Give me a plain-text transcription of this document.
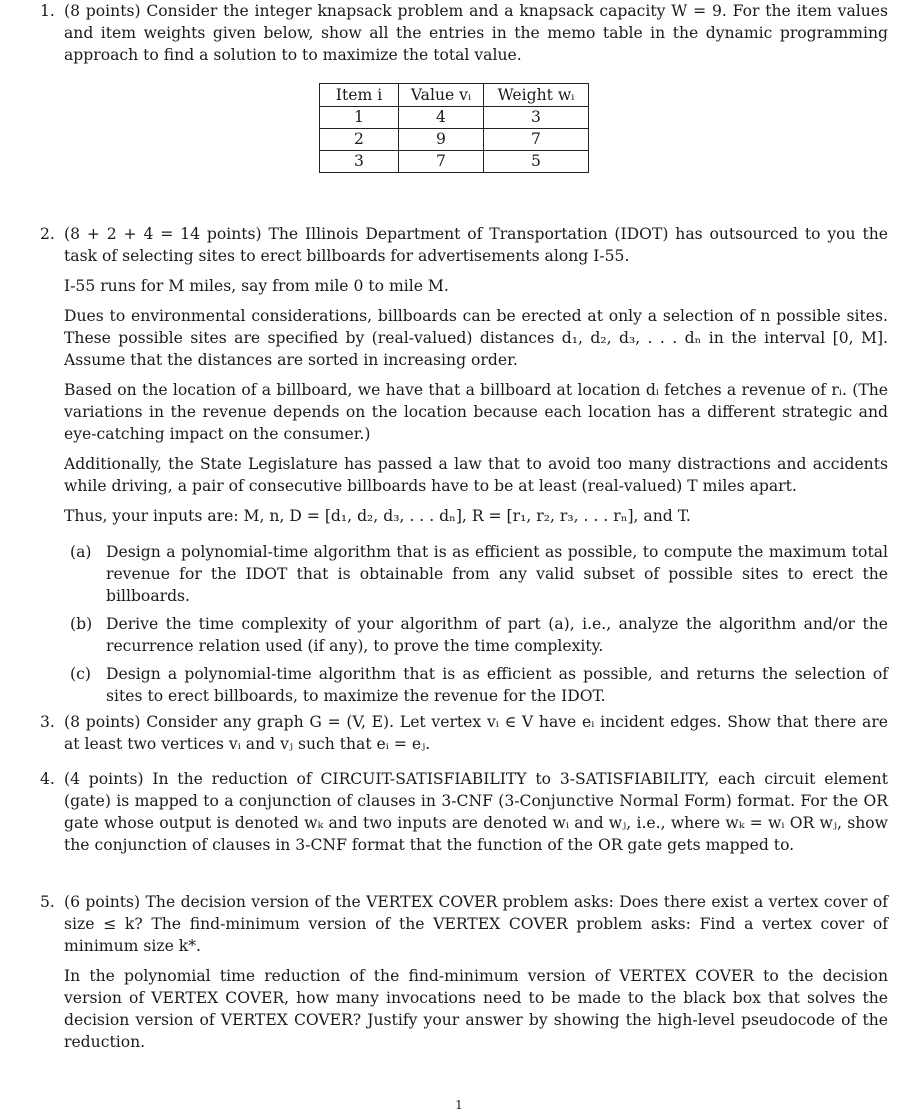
1. (8 points) Consider the integer knapsack problem and a knapsack capacity W = 9. For the item values and item weights given below, show all the entries in the memo table in the dynamic programming approach to find a solution to to maximize the total value.
Item i	Value vᵢ	Weight wᵢ
1	4	3
2	9	7
3	7	5
2. (8 + 2 + 4 = 14 points) The Illinois Department of Transportation (IDOT) has outsourced to you the task of selecting sites to erect billboards for advertisements along I-55.

I-55 runs for M miles, say from mile 0 to mile M.

Dues to environmental considerations, billboards can be erected at only a selection of n possible sites. These possible sites are specified by (real-valued) distances d₁, d₂, d₃, . . . dₙ in the interval [0, M]. Assume that the distances are sorted in increasing order.

Based on the location of a billboard, we have that a billboard at location dᵢ fetches a revenue of rᵢ. (The variations in the revenue depends on the location because each location has a different strategic and eye-catching impact on the consumer.)

Additionally, the State Legislature has passed a law that to avoid too many distractions and accidents while driving, a pair of consecutive billboards have to be at least (real-valued) T miles apart.

Thus, your inputs are: M, n, D = [d₁, d₂, d₃, . . . dₙ], R = [r₁, r₂, r₃, . . . rₙ], and T.

(a) Design a polynomial-time algorithm that is as efficient as possible, to compute the maximum total revenue for the IDOT that is obtainable from any valid subset of possible sites to erect the billboards.
(b) Derive the time complexity of your algorithm of part (a), i.e., analyze the algorithm and/or the recurrence relation used (if any), to prove the time complexity.
(c) Design a polynomial-time algorithm that is as efficient as possible, and returns the selection of sites to erect billboards, to maximize the revenue for the IDOT.
3. (8 points) Consider any graph G = (V, E). Let vertex vᵢ ∈ V have eᵢ incident edges. Show that there are at least two vertices vᵢ and vⱼ such that eᵢ = eⱼ.
4. (4 points) In the reduction of CIRCUIT-SATISFIABILITY to 3-SATISFIABILITY, each circuit element (gate) is mapped to a conjunction of clauses in 3-CNF (3-Conjunctive Normal Form) format. For the OR gate whose output is denoted wₖ and two inputs are denoted wᵢ and wⱼ, i.e., where wₖ = wᵢ OR wⱼ, show the conjunction of clauses in 3-CNF format that the function of the OR gate gets mapped to.
5. (6 points) The decision version of the VERTEX COVER problem asks: Does there exist a vertex cover of size ≤ k? The find-minimum version of the VERTEX COVER problem asks: Find a vertex cover of minimum size k*.

In the polynomial time reduction of the find-minimum version of VERTEX COVER to the decision version of VERTEX COVER, how many invocations need to be made to the black box that solves the decision version of VERTEX COVER? Justify your answer by showing the high-level pseudocode of the reduction.

1
